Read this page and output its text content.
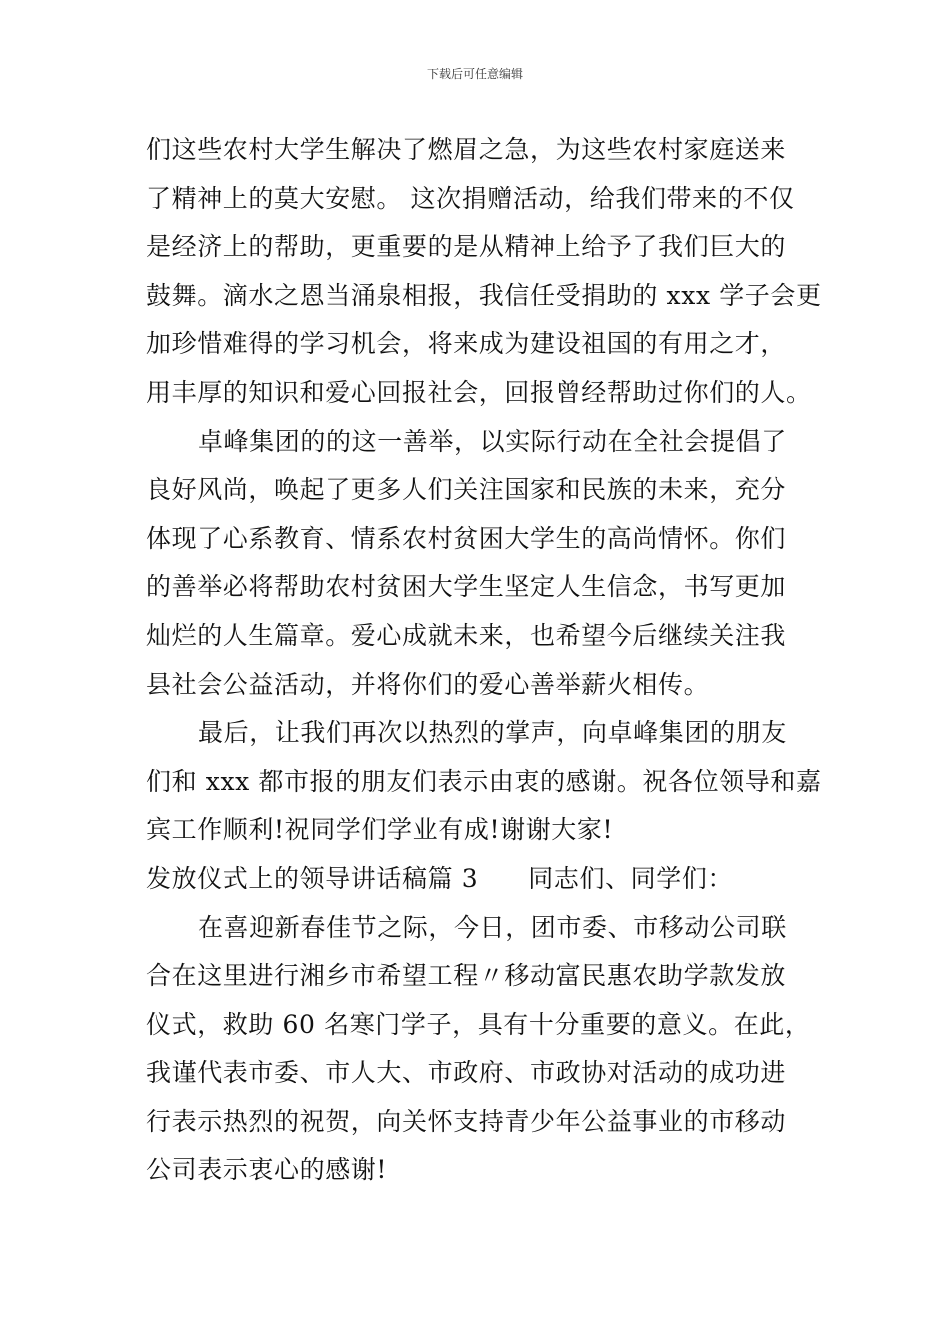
下载后可任意编辑
们这些农村大学生解决了燃眉之急，为这些农村家庭送来
了精神上的莫大安慰。 这次捐赠活动，给我们带来的不仅
是经济上的帮助，更重要的是从精神上给予了我们巨大的
鼓舞。滴水之恩当涌泉相报，我信任受捐助的 xxx 学子会更
加珍惜难得的学习机会，将来成为建设祖国的有用之才，
用丰厚的知识和爱心回报社会，回报曾经帮助过你们的人。
卓峰集团的的这一善举，以实际行动在全社会提倡了
良好风尚，唤起了更多人们关注国家和民族的未来，充分
体现了心系教育、情系农村贫困大学生的高尚情怀。你们
的善举必将帮助农村贫困大学生坚定人生信念，书写更加
灿烂的人生篇章。爱心成就未来，也希望今后继续关注我
县社会公益活动，并将你们的爱心善举薪火相传。
最后，让我们再次以热烈的掌声，向卓峰集团的朋友
们和 xxx 都市报的朋友们表示由衷的感谢。祝各位领导和嘉
宾工作顺利!祝同学们学业有成!谢谢大家!
发放仪式上的领导讲话稿篇 3 同志们、同学们：
在喜迎新春佳节之际，今日，团市委、市移动公司联
合在这里进行湘乡市希望工程〃移动富民惠农助学款发放
仪式，救助 60 名寒门学子，具有十分重要的意义。在此，
我谨代表市委、市人大、市政府、市政协对活动的成功进
行表示热烈的祝贺，向关怀支持青少年公益事业的市移动
公司表示衷心的感谢!
